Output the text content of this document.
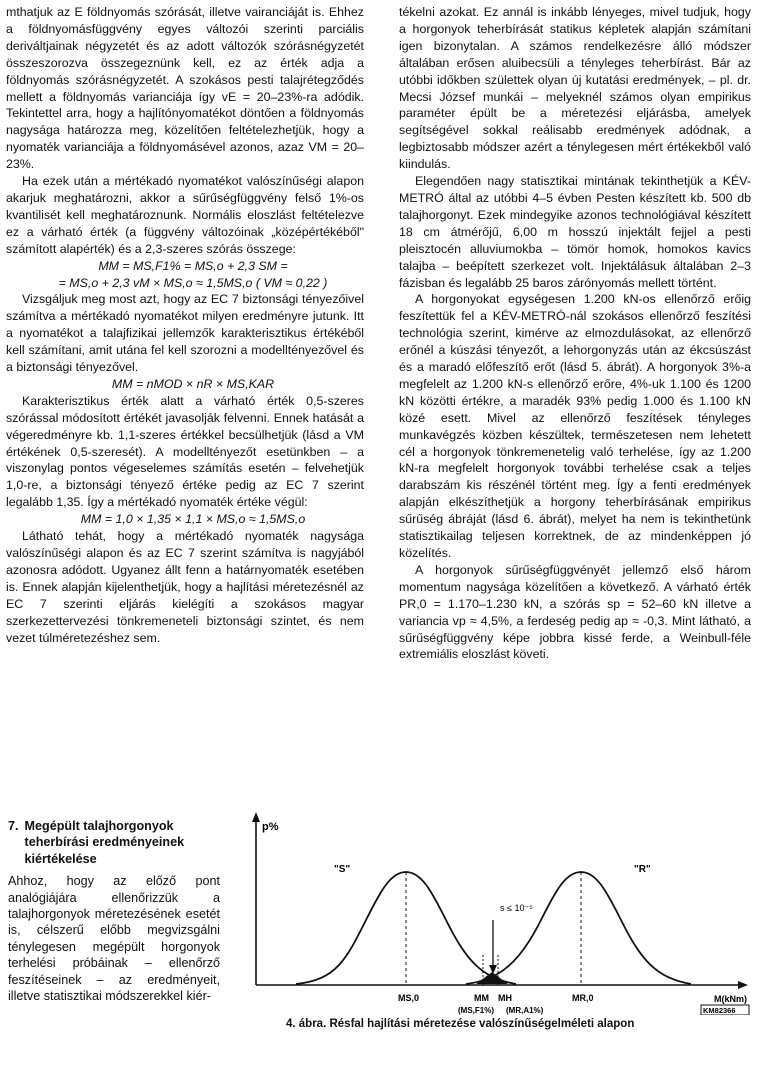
mthatjuk az E földnyomás szórását, illetve vairanciáját is. Ehhez a földnyomásfüggvény egyes változói szerinti parciális deriváltjainak négyzetét és az adott változók szórásnégyzetét összeszorozva összegeznünk kell, ez az érték adja a földnyomás szórásnégyzetét. A szokásos pesti talajrétegződés mellett a földnyomás varianciája így vE = 20–23%-ra adódik. Tekintettel arra, hogy a hajlítónyomatékot döntően a földnyomás nagysága határozza meg, közelítően feltételezhetjük, hogy a nyomaték varianciája a földnyomásével azonos, azaz VM = 20–23%.

Ha ezek után a mértékadó nyomatékot valószínűségi alapon akarjuk meghatározni, akkor a sűrűségfüggvény felső 1%-os kvantilisét kell meghatároznunk. Normális eloszlást feltételezve ez a várható érték (a függvény változóinak „középértékéből" számított alapérték) és a 2,3-szeres szórás összege:

MM = MS,F1% = MS,o + 2,3 SM =

= MS,o + 2,3 vM × MS,o ≈ 1,5MS,o ( VM ≈ 0,22 )

Vizsgáljuk meg most azt, hogy az EC 7 biztonsági tényezőivel számítva a mértékadó nyomatékot milyen eredményre jutunk. Itt a nyomatékot a talajfizikai jellemzők karakterisztikus értékéből kell számítani, amit utána fel kell szorozni a modelltényezővel és a biztonsági tényezővel.

MM = nMOD × nR × MS,KAR

Karakterisztikus érték alatt a várható érték 0,5-szeres szórással módosított értékét javasolják felvenni. Ennek hatását a végeredményre kb. 1,1-szeres értékkel becsülhetjük (lásd a VM értékének 0,5-szeresét). A modelltényezőt esetünkben – a viszonylag pontos végeselemes számítás esetén – felvehetjük 1,0-re, a biztonsági tényező értéke pedig az EC 7 szerint legalább 1,35. Így a mértékadó nyomaték értéke végül:

MM = 1,0 × 1,35 × 1,1 × MS,o ≈ 1,5MS,o

Látható tehát, hogy a mértékadó nyomaték nagysága valószínűségi alapon és az EC 7 szerint számítva is nagyjából azonosra adódott. Ugyanez állt fenn a határnyomaték esetében is. Ennek alapján kijelenthetjük, hogy a hajlítási méretezésnél az EC 7 szerinti eljárás kielégíti a szokásos magyar szerkezettervezési tönkremeneteli biztonsági szintet, és nem vezet túlméretezéshez sem.

tékelni azokat. Ez annál is inkább lényeges, mivel tudjuk, hogy a horgonyok teherbírását statikus képletek alapján számítani igen bizonytalan. A számos rendelkezésre álló módszer általában erősen aluibecsüli a tényleges teherbírást. Bár az utóbbi időkben születtek olyan új kutatási eredmények, – pl. dr. Mecsi József munkái – melyeknél számos olyan empirikus paraméter épült be a méretezési eljárásba, amelyek segítségével sokkal reálisabb eredmények adódnak, a legbiztosabb módszer azért a ténylegesen mért értékekből való kiindulás.

Elegendően nagy statisztikai mintának tekinthetjük a KÉV-METRÓ által az utóbbi 4–5 évben Pesten készített kb. 500 db talajhorgonyt. Ezek mindegyike azonos technológiával készített 18 cm átmérőjű, 6,00 m hosszú injektált fejjel a pesti pleisztocén alluviumokba – tömör homok, homokos kavics talajba – beépített szerkezet volt. Injektálásuk általában 2–3 fázisban és legalább 25 baros zárónyomás mellett történt.

A horgonyokat egységesen 1.200 kN-os ellenőrző erőig feszítettük fel a KÉV-METRÓ-nál szokásos ellenőrző feszítési technológia szerint, kimérve az elmozdulásokat, az ellenőrző erőnél a kúszási tényezőt, a lehorgonyzás után az ékcsúszást és a maradó előfeszítő erőt (lásd 5. ábrát). A horgonyok 3%-a megfelelt az 1.200 kN-s ellenőrző erőre, 4%-uk 1.100 és 1200 kN közötti értékre, a maradék 93% pedig 1.000 és 1.100 kN közé esett. Mivel az ellenőrző feszítések tényleges munkavégzés közben készültek, természetesen nem lehetett cél a horgonyok tönkremenetelig való terhelése, így az 1.200 kN-ra megfelelt horgonyok további terhelése csak a teljes darabszám kis részénél történt meg. Így a fenti eredmények alapján elkészíthetjük a horgony teherbírásának empirikus sűrűség ábráját (lásd 6. ábrát), melyet ha nem is tekinthetünk statisztikailag teljesen korrektnek, de az mindenképpen jó közelítés.

A horgonyok sűrűségfüggvényét jellemző első három momentum nagysága közelítően a következő. A várható érték PR,0 = 1.170–1.230 kN, a szórás sp = 52–60 kN illetve a variancia vp ≈ 4,5%, a ferdeség pedig ap ≈ -0,3. Mint látható, a sűrűségfüggvény képe jobbra kissé ferde, a Weinbull-féle extremiális eloszlást követi.

7. Megépült talajhorgonyok teherbírási eredményeinek kiértékelése
Ahhoz, hogy az előző pont analógiájára ellenőrizzük a talajhorgonyok méretezésének esetét is, célszerű előbb megvizsgálni ténylegesen megépült horgonyok terhelési próbáinak – ellenőrző feszítéseinek – az eredményeit, illetve statisztikai módszerekkel kiér-
p%
M(kNm)
"S"	"R"
s ≤ 10⁻⁵
MS,0	MM MH	MR,0
(MS,F1%) (MR,A1%)	KM82366
4. ábra. Résfal hajlítási méretezése valószínűségelméleti alapon
